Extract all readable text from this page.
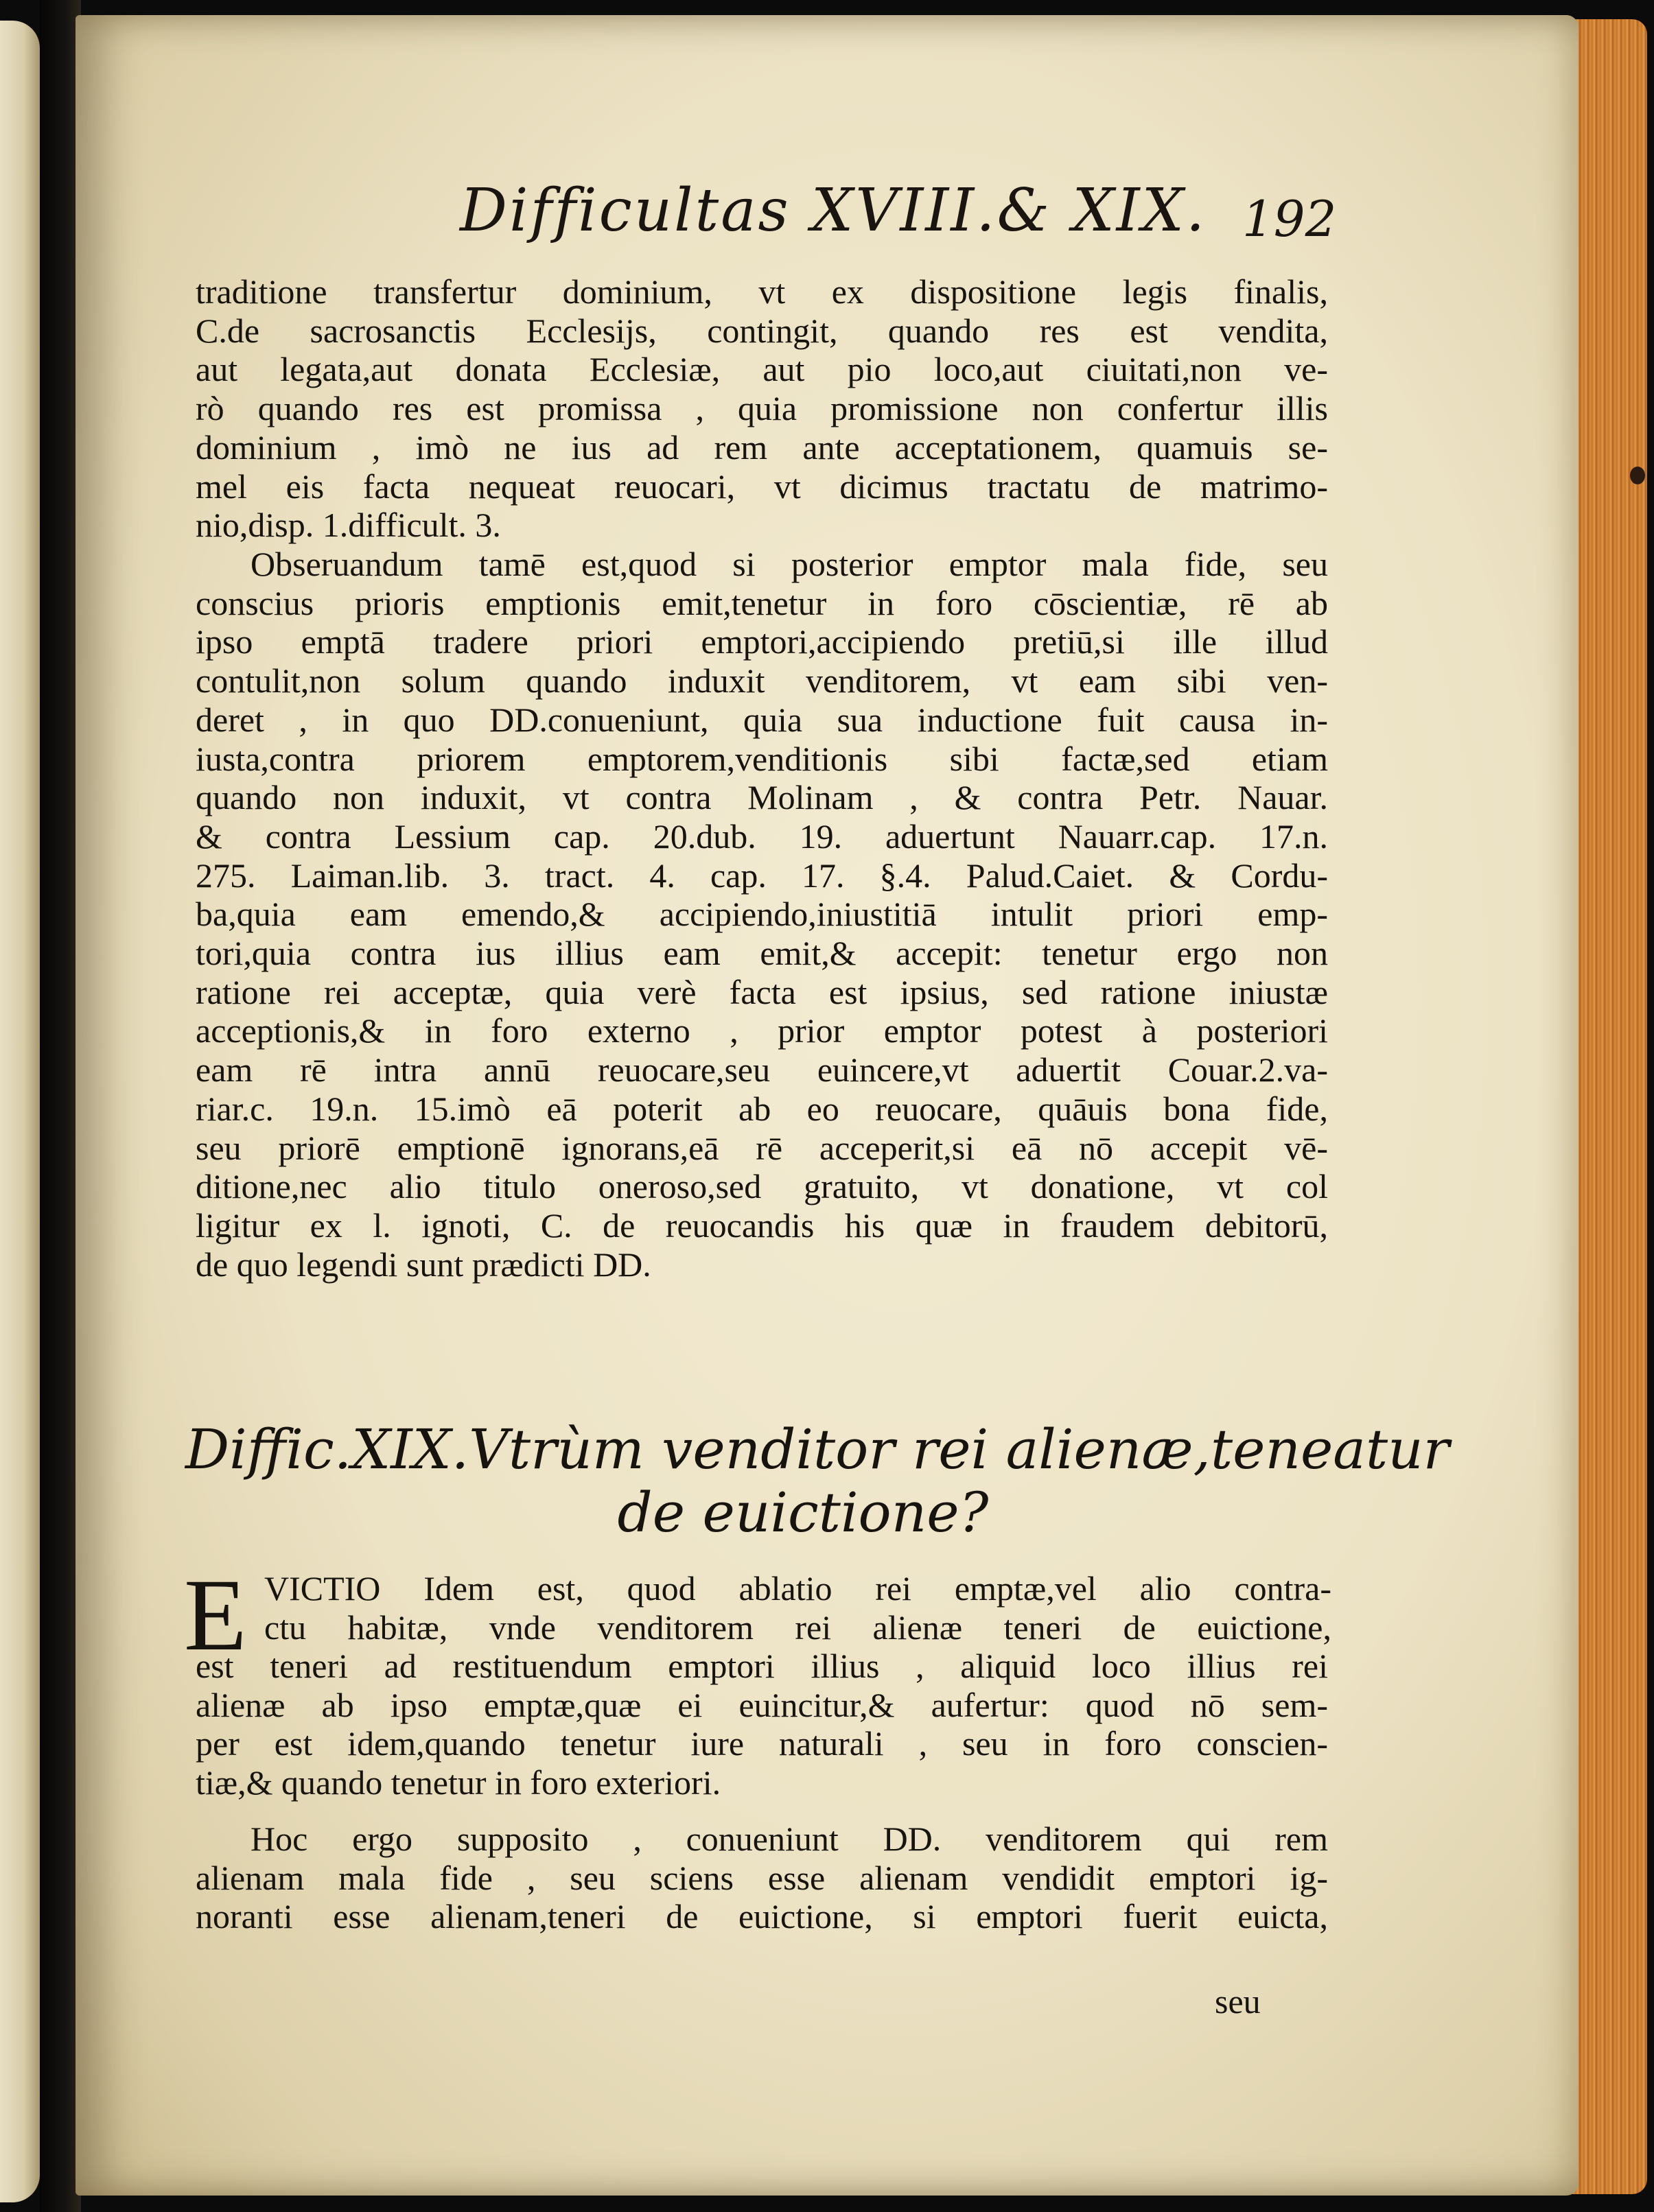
Difficultas XVIII.& XIX. 192
traditione transfertur dominium, vt ex dispositione legis finalis,
C.de sacrosanctis Ecclesijs, contingit, quando res est vendita,
aut legata,aut donata Ecclesiæ, aut pio loco,aut ciuitati,non ve-
rò quando res est promissa , quia promissione non confertur illis
dominium , imò ne ius ad rem ante acceptationem, quamuis se-
mel eis facta nequeat reuocari, vt dicimus tractatu de matrimo-
nio,disp. 1.difficult. 3.
Obseruandum tamē est,quod si posterior emptor mala fide, seu
conscius prioris emptionis emit,tenetur in foro cōscientiæ, rē ab
ipso emptā tradere priori emptori,accipiendo pretiū,si ille illud
contulit,non solum quando induxit venditorem, vt eam sibi ven-
deret , in quo DD.conueniunt, quia sua inductione fuit causa in-
iusta,contra priorem emptorem,venditionis sibi factæ,sed etiam
quando non induxit, vt contra Molinam , & contra Petr. Nauar.
& contra Lessium cap. 20.dub. 19. aduertunt Nauarr.cap. 17.n.
275. Laiman.lib. 3. tract. 4. cap. 17. §.4. Palud.Caiet. & Cordu-
ba,quia eam emendo,& accipiendo,iniustitiā intulit priori emp-
tori,quia contra ius illius eam emit,& accepit: tenetur ergo non
ratione rei acceptæ, quia verè facta est ipsius, sed ratione iniustæ
acceptionis,& in foro externo , prior emptor potest à posteriori
eam rē intra annū reuocare,seu euincere,vt aduertit Couar.2.va-
riar.c. 19.n. 15.imò eā poterit ab eo reuocare, quāuis bona fide,
seu priorē emptionē ignorans,eā rē acceperit,si eā nō accepit vē-
ditione,nec alio titulo oneroso,sed gratuito, vt donatione, vt col
ligitur ex l. ignoti, C. de reuocandis his quæ in fraudem debitorū,
de quo legendi sunt prædicti DD.
Diffic.XIX.Vtrùm venditor rei alienæ,teneatur
de euictione?
E VICTIO Idem est, quod ablatio rei emptæ,vel alio contra-
ctu habitæ, vnde venditorem rei alienæ teneri de euictione,
est teneri ad restituendum emptori illius , aliquid loco illius rei
alienæ ab ipso emptæ,quæ ei euincitur,& aufertur: quod nō sem-
per est idem,quando tenetur iure naturali , seu in foro conscien-
tiæ,& quando tenetur in foro exteriori.
Hoc ergo supposito , conueniunt DD. venditorem qui rem
alienam mala fide , seu sciens esse alienam vendidit emptori ig-
noranti esse alienam,teneri de euictione, si emptori fuerit euicta,
seu
